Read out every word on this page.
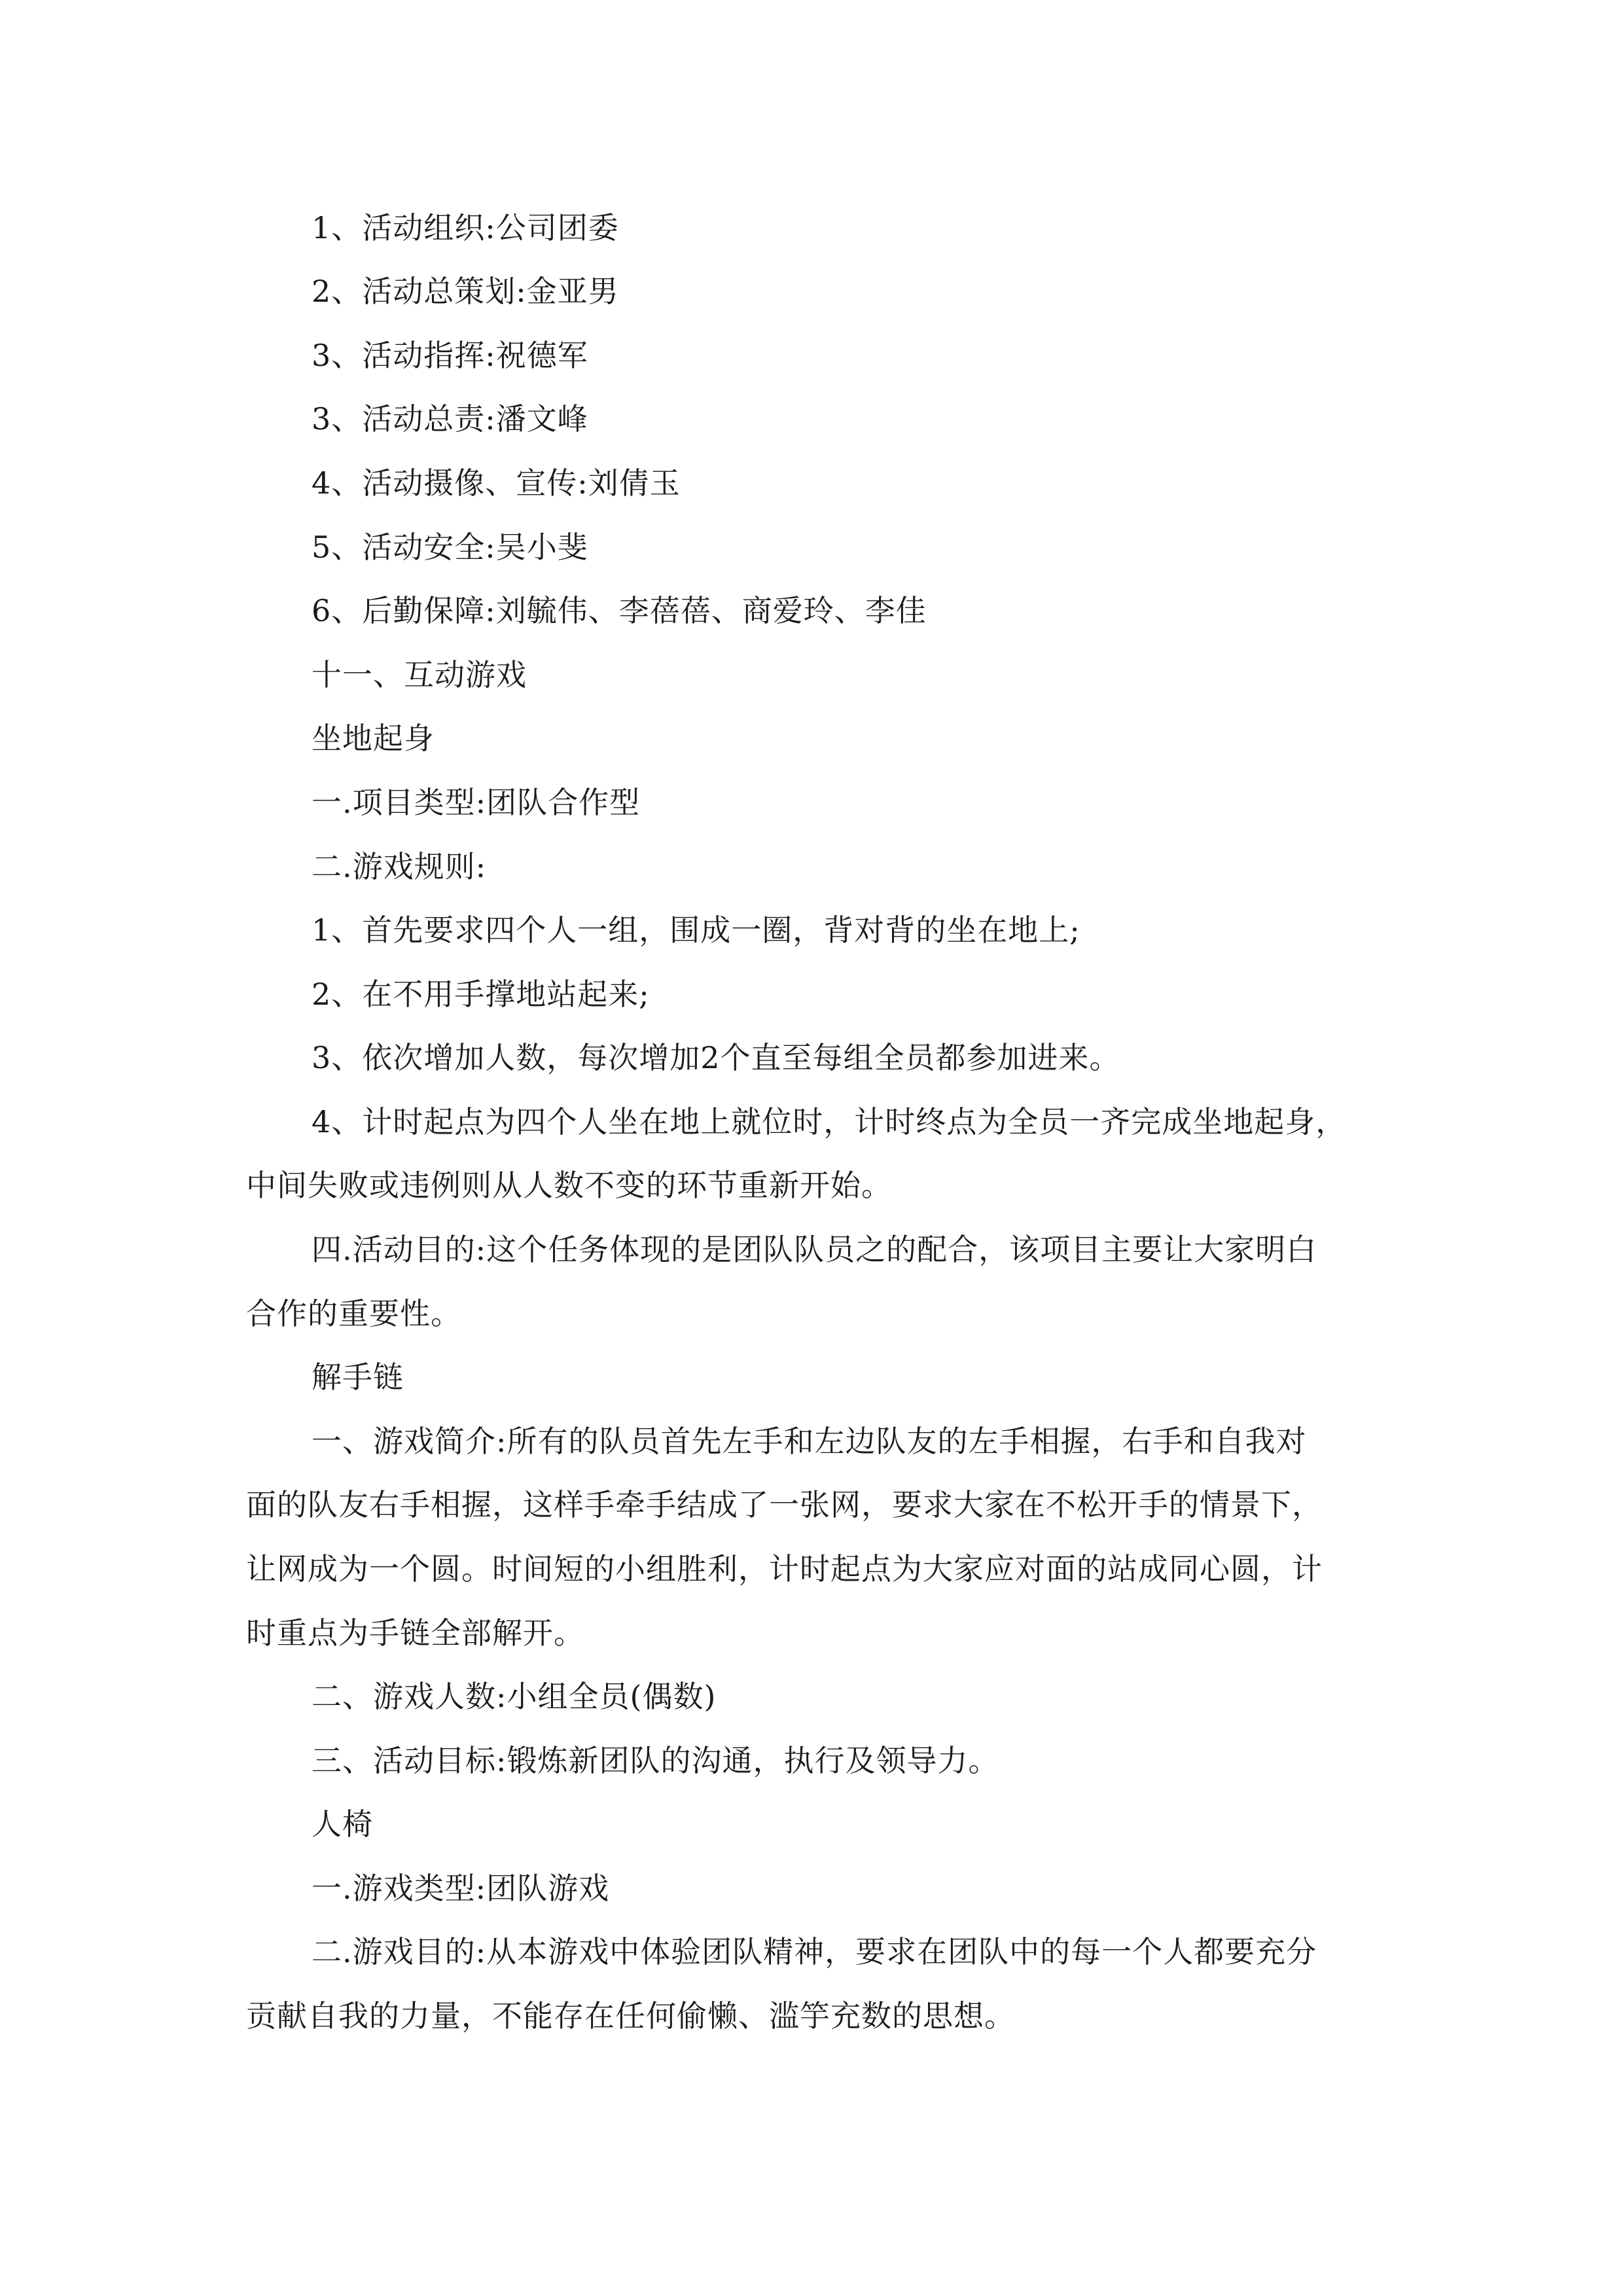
1、活动组织:公司团委
2、活动总策划:金亚男
3、活动指挥:祝德军
3、活动总责:潘文峰
4、活动摄像、宣传:刘倩玉
5、活动安全:吴小斐
6、后勤保障:刘毓伟、李蓓蓓、商爱玲、李佳
十一、互动游戏
坐地起身
一.项目类型:团队合作型
二.游戏规则:
1、首先要求四个人一组，围成一圈，背对背的坐在地上;
2、在不用手撑地站起来;
3、依次增加人数，每次增加2个直至每组全员都参加进来。
4、计时起点为四个人坐在地上就位时，计时终点为全员一齐完成坐地起身，
中间失败或违例则从人数不变的环节重新开始。
四.活动目的:这个任务体现的是团队队员之的配合，该项目主要让大家明白
合作的重要性。
解手链
一、游戏简介:所有的队员首先左手和左边队友的左手相握，右手和自我对
面的队友右手相握，这样手牵手结成了一张网，要求大家在不松开手的情景下，
让网成为一个圆。时间短的小组胜利，计时起点为大家应对面的站成同心圆，计
时重点为手链全部解开。
二、游戏人数:小组全员(偶数)
三、活动目标:锻炼新团队的沟通，执行及领导力。
人椅
一.游戏类型:团队游戏
二.游戏目的:从本游戏中体验团队精神，要求在团队中的每一个人都要充分
贡献自我的力量，不能存在任何偷懒、滥竽充数的思想。
